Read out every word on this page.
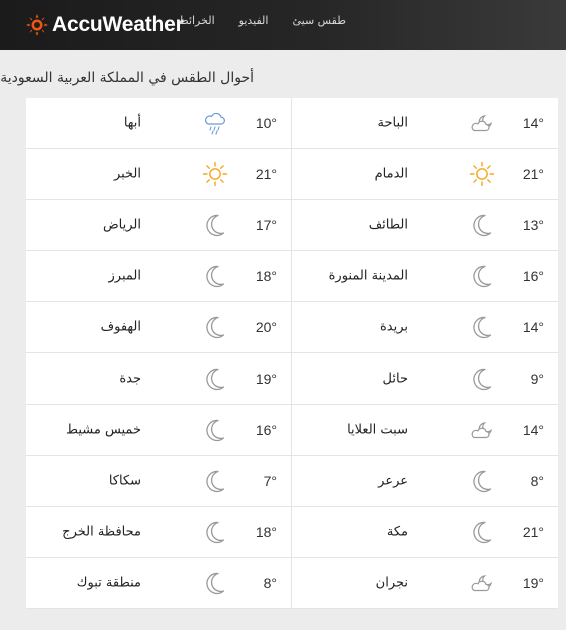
AccuWeather	طقس سيئ
الفيديو
الخرائط
أحوال الطقس في المملكة العربية السعودية
أبها	10°	الباحة	14°
الخبر	21°	الدمام	21°
الرياض	17°	الطائف	13°
المبرز	18°	المدينة المنورة	16°
الهفوف	20°	بريدة	14°
جدة	19°	حائل	9°
خميس مشيط	16°	سبت العلايا	14°
سكاكا	7°	عرعر	8°
محافظة الخرج	18°	مكة	21°
منطقة تبوك	8°	نجران	19°
